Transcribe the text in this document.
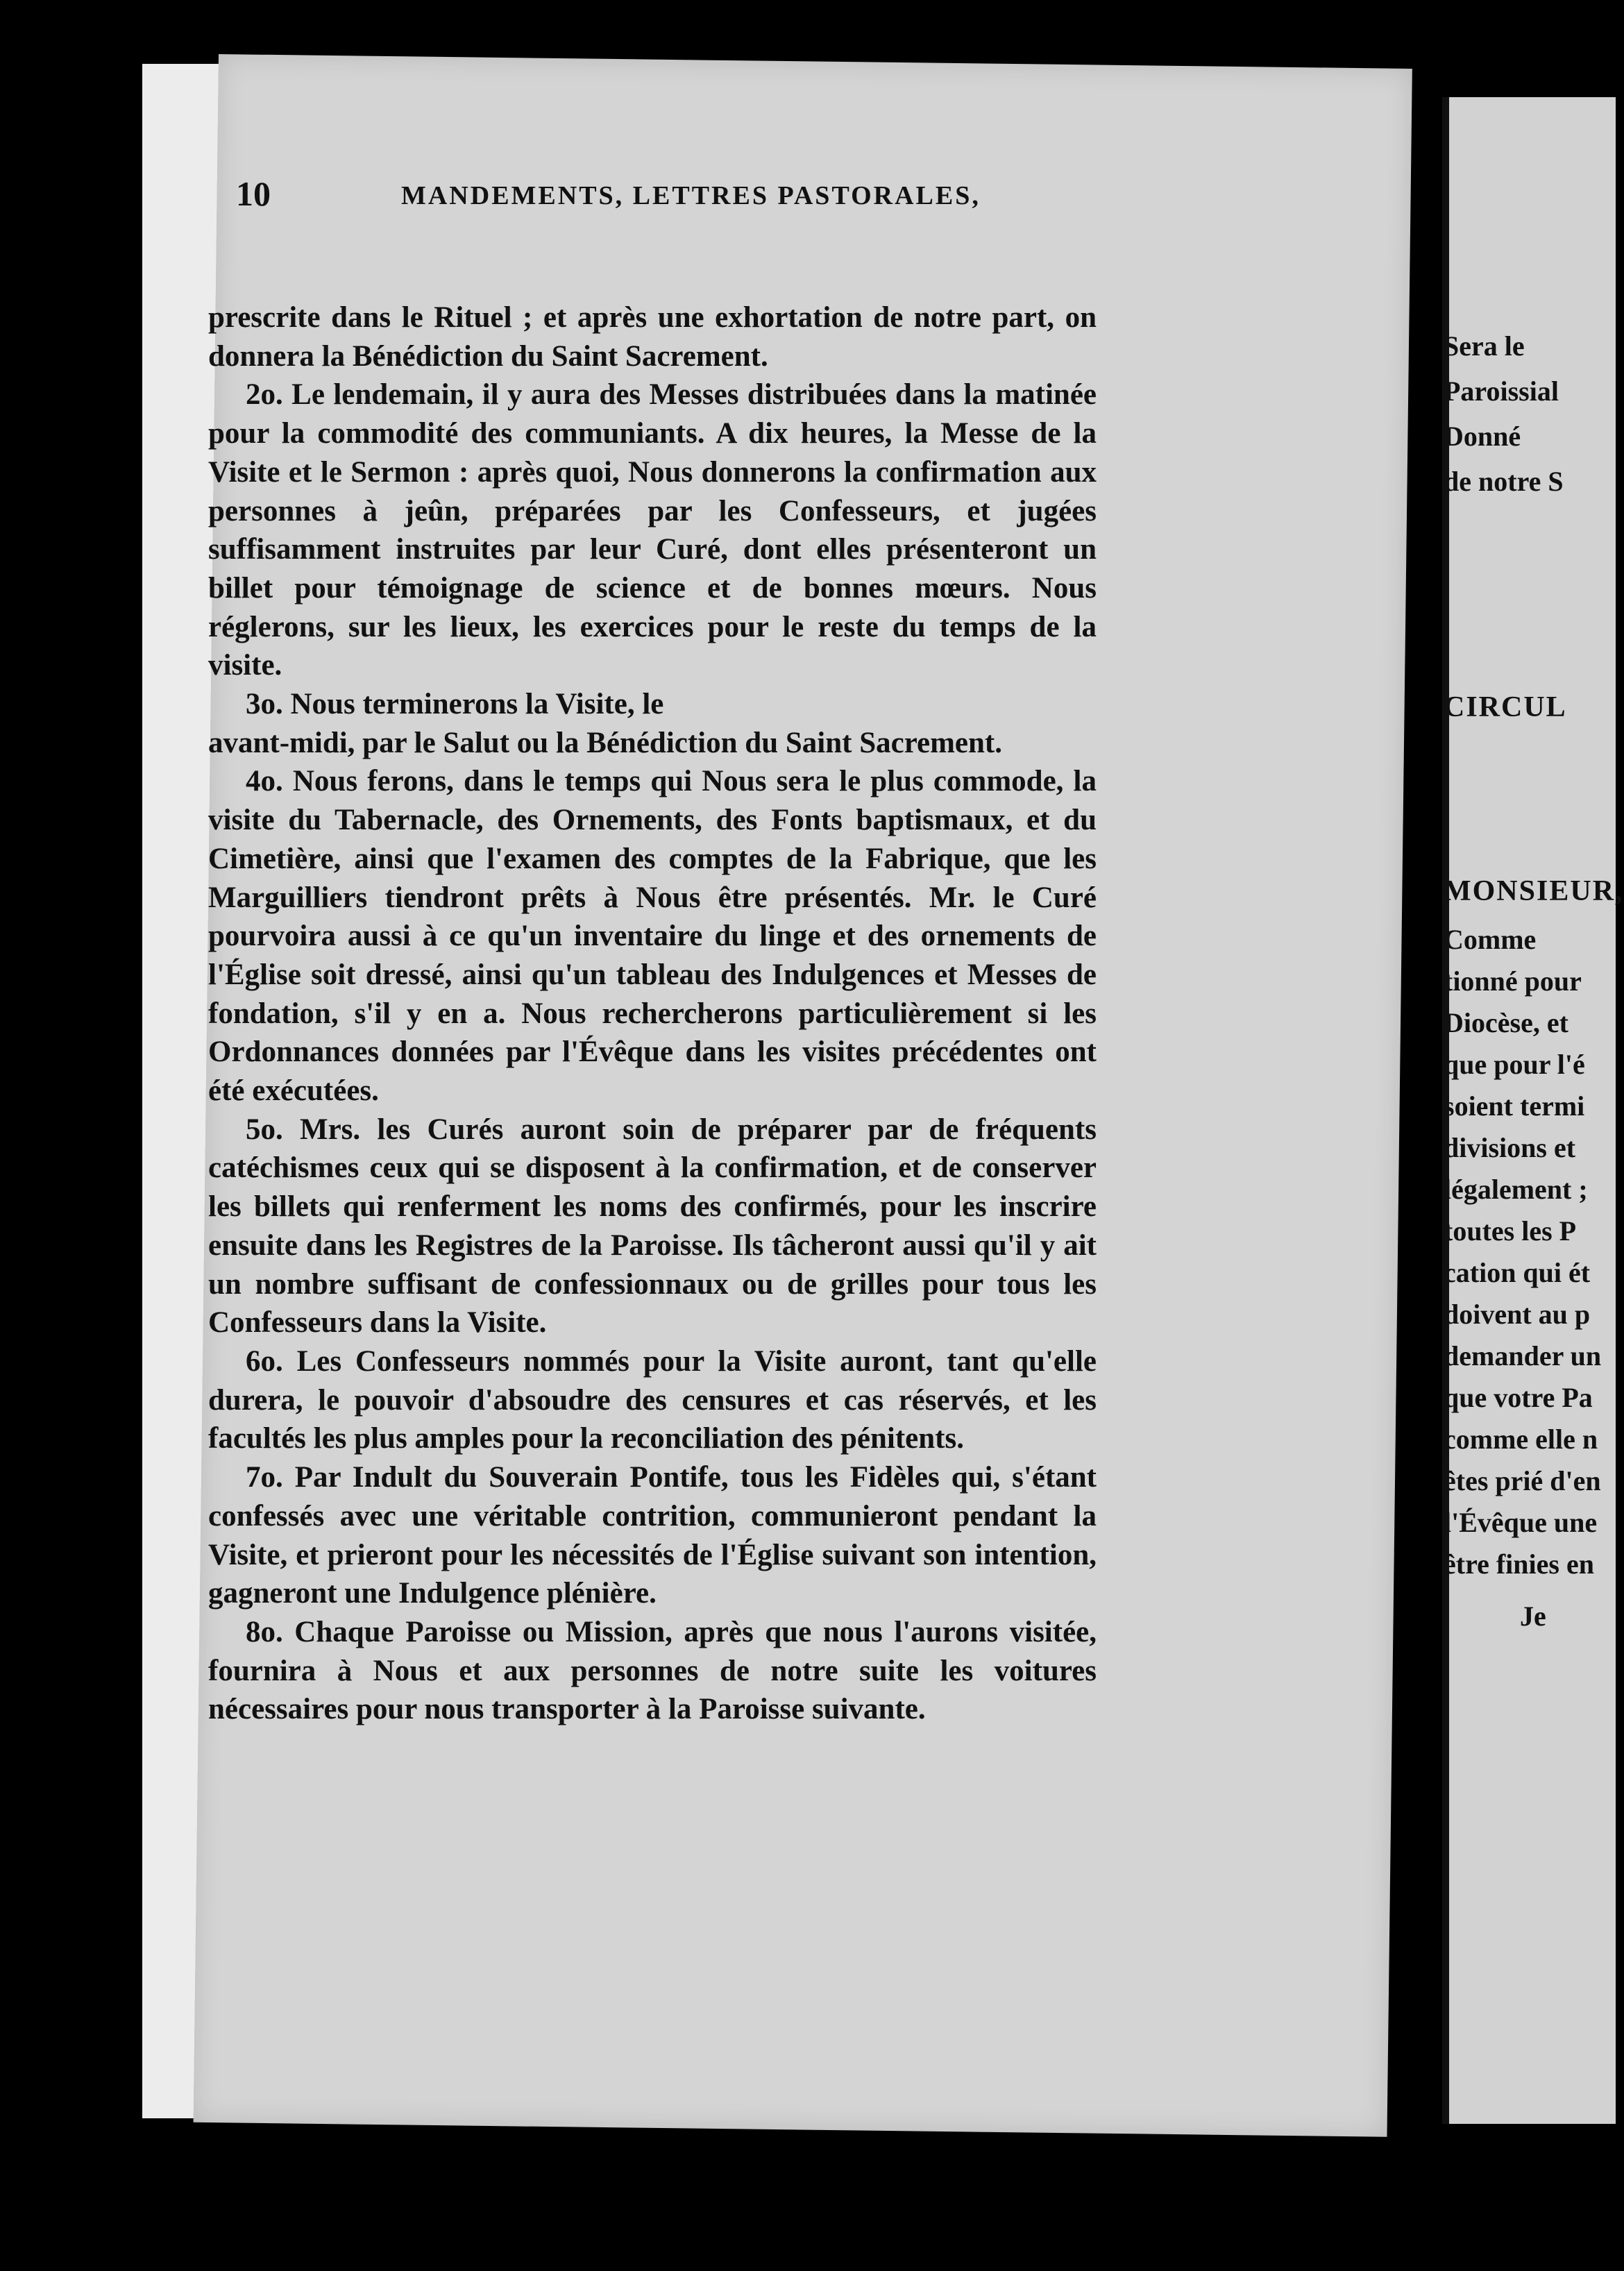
10	MANDEMENTS, LETTRES PASTORALES,

prescrite dans le Rituel ; et après une exhortation de notre part, on donnera la Bénédiction du Saint Sacrement.

2o. Le lendemain, il y aura des Messes distribuées dans la matinée pour la commodité des communiants. A dix heures, la Messe de la Visite et le Sermon : après quoi, Nous donnerons la confirmation aux personnes à jeûn, préparées par les Confesseurs, et jugées suffisamment instruites par leur Curé, dont elles présenteront un billet pour témoignage de science et de bonnes mœurs. Nous réglerons, sur les lieux, les exercices pour le reste du temps de la visite.

3o. Nous terminerons la Visite, le

avant-midi, par le Salut ou la Bénédiction du Saint Sacrement.

4o. Nous ferons, dans le temps qui Nous sera le plus commode, la visite du Tabernacle, des Ornements, des Fonts baptismaux, et du Cimetière, ainsi que l'examen des comptes de la Fabrique, que les Marguilliers tiendront prêts à Nous être présentés. Mr. le Curé pourvoira aussi à ce qu'un inventaire du linge et des ornements de l'Église soit dressé, ainsi qu'un tableau des Indulgences et Messes de fondation, s'il y en a. Nous rechercherons particulièrement si les Ordonnances données par l'Évêque dans les visites précédentes ont été exécutées.

5o. Mrs. les Curés auront soin de préparer par de fréquents catéchismes ceux qui se disposent à la confirmation, et de conserver les billets qui renferment les noms des confirmés, pour les inscrire ensuite dans les Registres de la Paroisse. Ils tâcheront aussi qu'il y ait un nombre suffisant de confessionnaux ou de grilles pour tous les Confesseurs dans la Visite.

6o. Les Confesseurs nommés pour la Visite auront, tant qu'elle durera, le pouvoir d'absoudre des censures et cas réservés, et les facultés les plus amples pour la reconciliation des pénitents.

7o. Par Indult du Souverain Pontife, tous les Fidèles qui, s'étant confessés avec une véritable contrition, communieront pendant la Visite, et prieront pour les nécessités de l'Église suivant son intention, gagneront une Indulgence plénière.

8o. Chaque Paroisse ou Mission, après que nous l'aurons visitée, fournira à Nous et aux personnes de notre suite les voitures nécessaires pour nous transporter à la Paroisse suivante.

Sera le
Paroissial
Donné
de notre S
CIRCUL
MONSIEUR,
Comme
tionné pour
Diocèse, et
que pour l'é
soient termi
divisions et
légalement ;
toutes les P
cation qui ét
doivent au p
demander un
que votre Pa
comme elle n
êtes prié d'en
l'Évêque une
être finies en
Je
